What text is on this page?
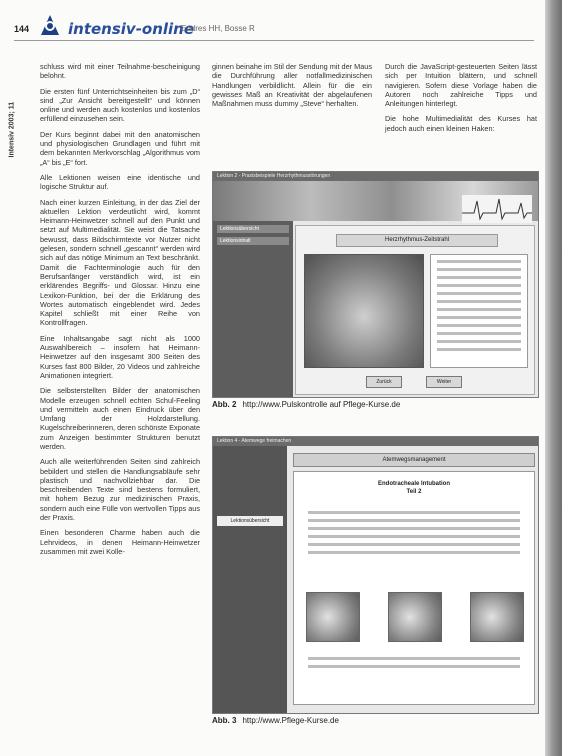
144	intensiv-online
Endres HH, Bosse R
Intensiv 2003; 11

schluss wird mit einer Teilnahme-bescheinigung belohnt.

Die ersten fünf Unterrichtseinheiten bis zum „D“ sind „Zur Ansicht bereitgestellt“ und können online und werden auch kostenlos und kostenlos erfüllend einzusehen sein.

Der Kurs beginnt dabei mit den anatomischen und physiologischen Grundlagen und führt mit dem bekannten Merkvorschlag „Algorithmus vom „A“ bis „E“ fort.

Alle Lektionen weisen eine identische und logische Struktur auf.

Nach einer kurzen Einleitung, in der das Ziel der aktuellen Lektion verdeutlicht wird, kommt Heimann-Heinwetzer schnell auf den Punkt und setzt auf Multimedialität. Sie weist die Tatsache bewusst, dass Bildschirmtexte vor Nutzer nicht gelesen, sondern schnell „gescannt“ werden wird sich auf das nötige Minimum an Text beschränkt. Damit die Fachterminologie auch für den Berufsanfänger verständlich wird, ist ein erklärendes Begriffs- und Glossar. Hinzu eine Lexikon-Funktion, bei der die Erklärung des Wortes automatisch eingeblendet wird. Jedes Kapitel schließt mit einer Reihe von Kontrollfragen.

Eine Inhaltsangabe sagt nicht als 1000 Auswahlbereich – insofern hat Heimann-Heinwetzer auf den insgesamt 300 Seiten des Kurses fast 800 Bilder, 20 Videos und zahlreiche Animationen integriert.

Die selbsterstellten Bilder der anatomischen Modelle erzeugen schnell echten Schul-Feeling und vermitteln auch einen Eindruck über den Umfang der Holzdarstellung. Kugelschreiberinneren, deren schönste Exponate zum Anzeigen bestimmter Strukturen benutzt werden.

Auch alle weiterführenden Seiten sind zahlreich bebildert und stellen die Handlungsabläufe sehr plastisch und nachvollziehbar dar. Die beschreibenden Texte sind bestens formuliert, mit hohem Bezug zur medizinischen Praxis, sondern auch eine Fülle von wertvollen Tipps aus der Praxis.

Einen besonderen Charme haben auch die Lehrvideos, in denen Heimann-Heinwetzer zusammen mit zwei Kolle-

ginnen beinahe im Stil der Sendung mit der Maus die Durchführung aller notfallmedizinischen Handlungen verbildlicht. Allein für die ein gewisses Maß an Kreativität der abgelaufenen Maßnahmen muss dummy „Steve“ herhalten.

Durch die JavaScript-gesteuerten Seiten lässt sich per Intuition blättern, und schnell navigieren. Sofern diese Vorlage haben die Autoren noch zahlreiche Tipps und Anleitungen hinterlegt.

Die hohe Multimedialität des Kurses hat jedoch auch einen kleinen Haken:

Lektion 2 - Praxisbeispiele Herzrhythmusstörungen
Lektionsübersicht
Lektionsinhalt	Herzrhythmus-Zeitstrahl
Zurück	Weiter
Abb. 2 http://www.Pulskontrolle auf Pflege-Kurse.de
Lektion 4 - Atemwege freimachen
Lektionsübersicht
Atemwegsmanagement
Endotracheale Intubation
Teil 2
Abb. 3 http://www.Pflege-Kurse.de
